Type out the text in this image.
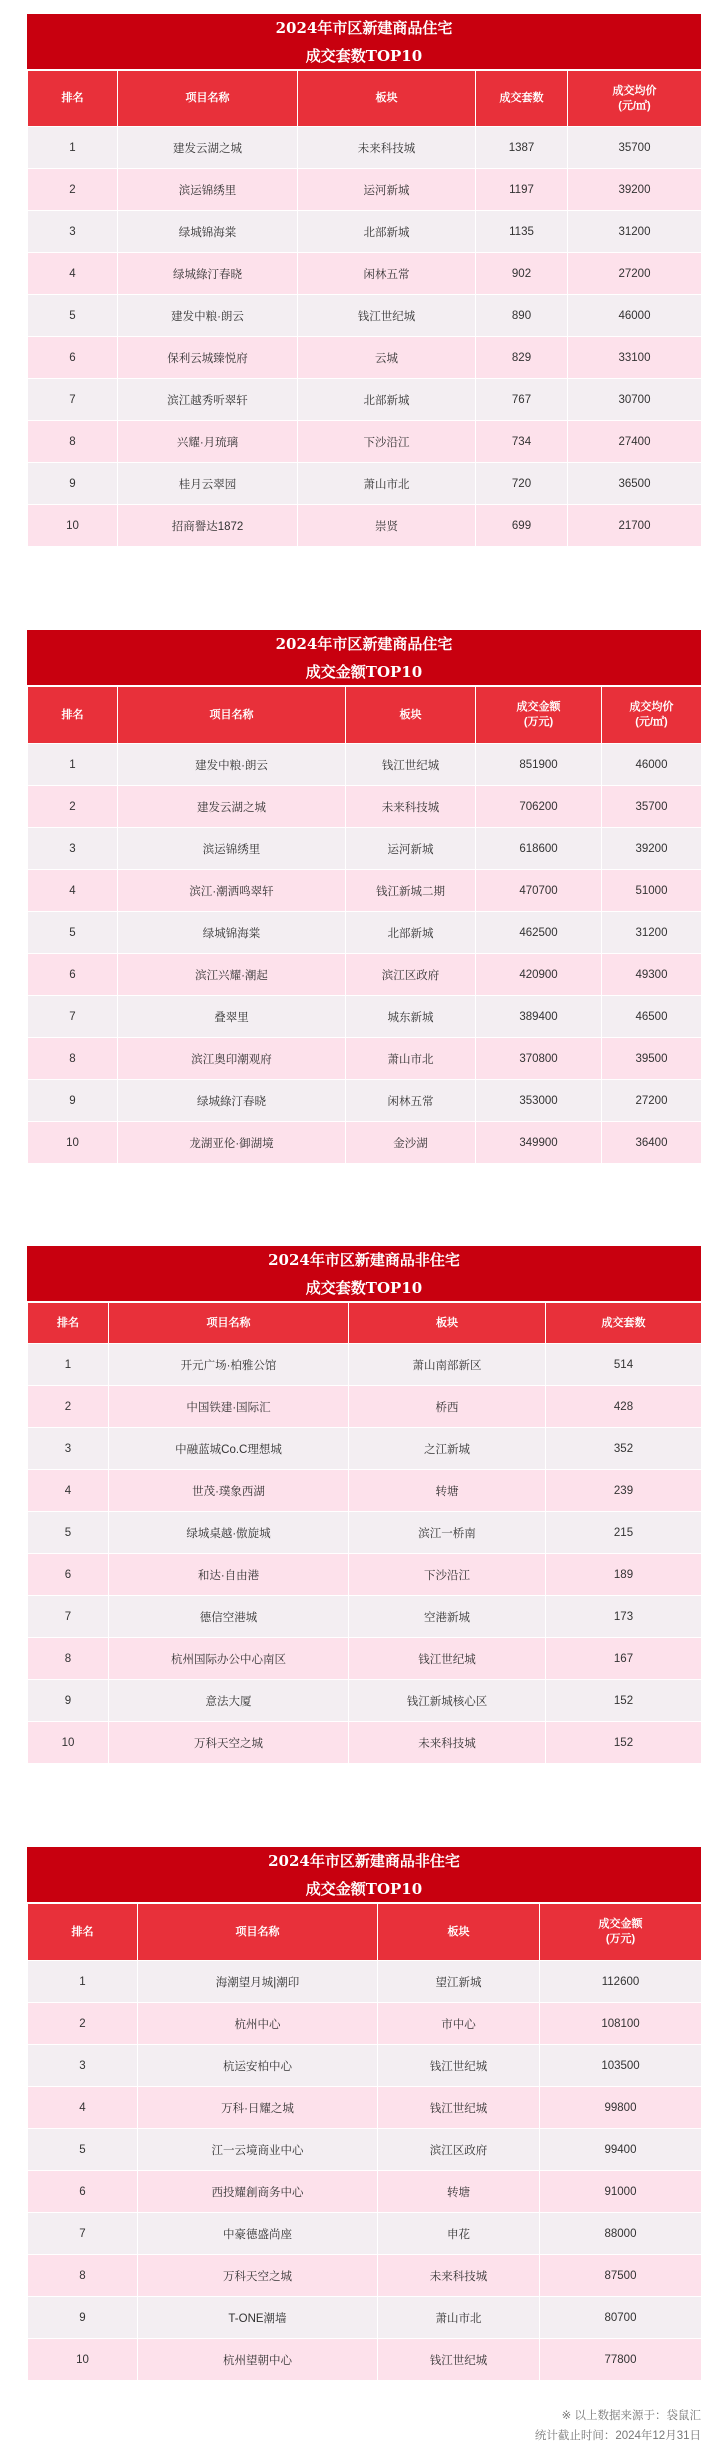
2024年市区新建商品住宅
成交套数TOP10
排名	项目名称	板块	成交套数	成交均价
(元/㎡)
1	建发云湖之城	未来科技城	1387	35700
2	滨运锦绣里	运河新城	1197	39200
3	绿城锦海棠	北部新城	1135	31200
4	绿城綠汀春晓	闲林五常	902	27200
5	建发中粮·朗云	钱江世纪城	890	46000
6	保利云城臻悦府	云城	829	33100
7	滨江越秀听翠轩	北部新城	767	30700
8	兴耀·月琉璃	下沙沿江	734	27400
9	桂月云翠园	萧山市北	720	36500
10	招商譽达1872	崇贤	699	21700
2024年市区新建商品住宅
成交金额TOP10
排名	项目名称	板块	成交金额
(万元)	成交均价
(元/㎡)
1	建发中粮·朗云	钱江世纪城	851900	46000
2	建发云湖之城	未来科技城	706200	35700
3	滨运锦绣里	运河新城	618600	39200
4	滨江·潮洒鸣翠轩	钱江新城二期	470700	51000
5	绿城锦海棠	北部新城	462500	31200
6	滨江兴耀·潮起	滨江区政府	420900	49300
7	叠翠里	城东新城	389400	46500
8	滨江奥印潮观府	萧山市北	370800	39500
9	绿城綠汀春晓	闲林五常	353000	27200
10	龙湖亚伦·御湖境	金沙湖	349900	36400
2024年市区新建商品非住宅
成交套数TOP10
排名	项目名称	板块	成交套数
1	开元广场·柏雅公馆	萧山南部新区	514
2	中国铁建·国际汇	桥西	428
3	中融蓝城Co.C理想城	之江新城	352
4	世茂·璞象西湖	转塘	239
5	绿城桌越·傲旋城	滨江一桥南	215
6	和达·自由港	下沙沿江	189
7	德信空港城	空港新城	173
8	杭州国际办公中心南区	钱江世纪城	167
9	意法大厦	钱江新城核心区	152
10	万科天空之城	未来科技城	152
2024年市区新建商品非住宅
成交金额TOP10
排名	项目名称	板块	成交金额
(万元)
1	海潮望月城|潮印	望江新城	112600
2	杭州中心	市中心	108100
3	杭运安柏中心	钱江世纪城	103500
4	万科·日耀之城	钱江世纪城	99800
5	江一云境商业中心	滨江区政府	99400
6	西投耀創商务中心	转塘	91000
7	中豪德盛尚座	申花	88000
8	万科天空之城	未来科技城	87500
9	T-ONE潮墙	萧山市北	80700
10	杭州望朝中心	钱江世纪城	77800
※ 以上数据来源于：袋鼠汇
统计截止时间：2024年12月31日
